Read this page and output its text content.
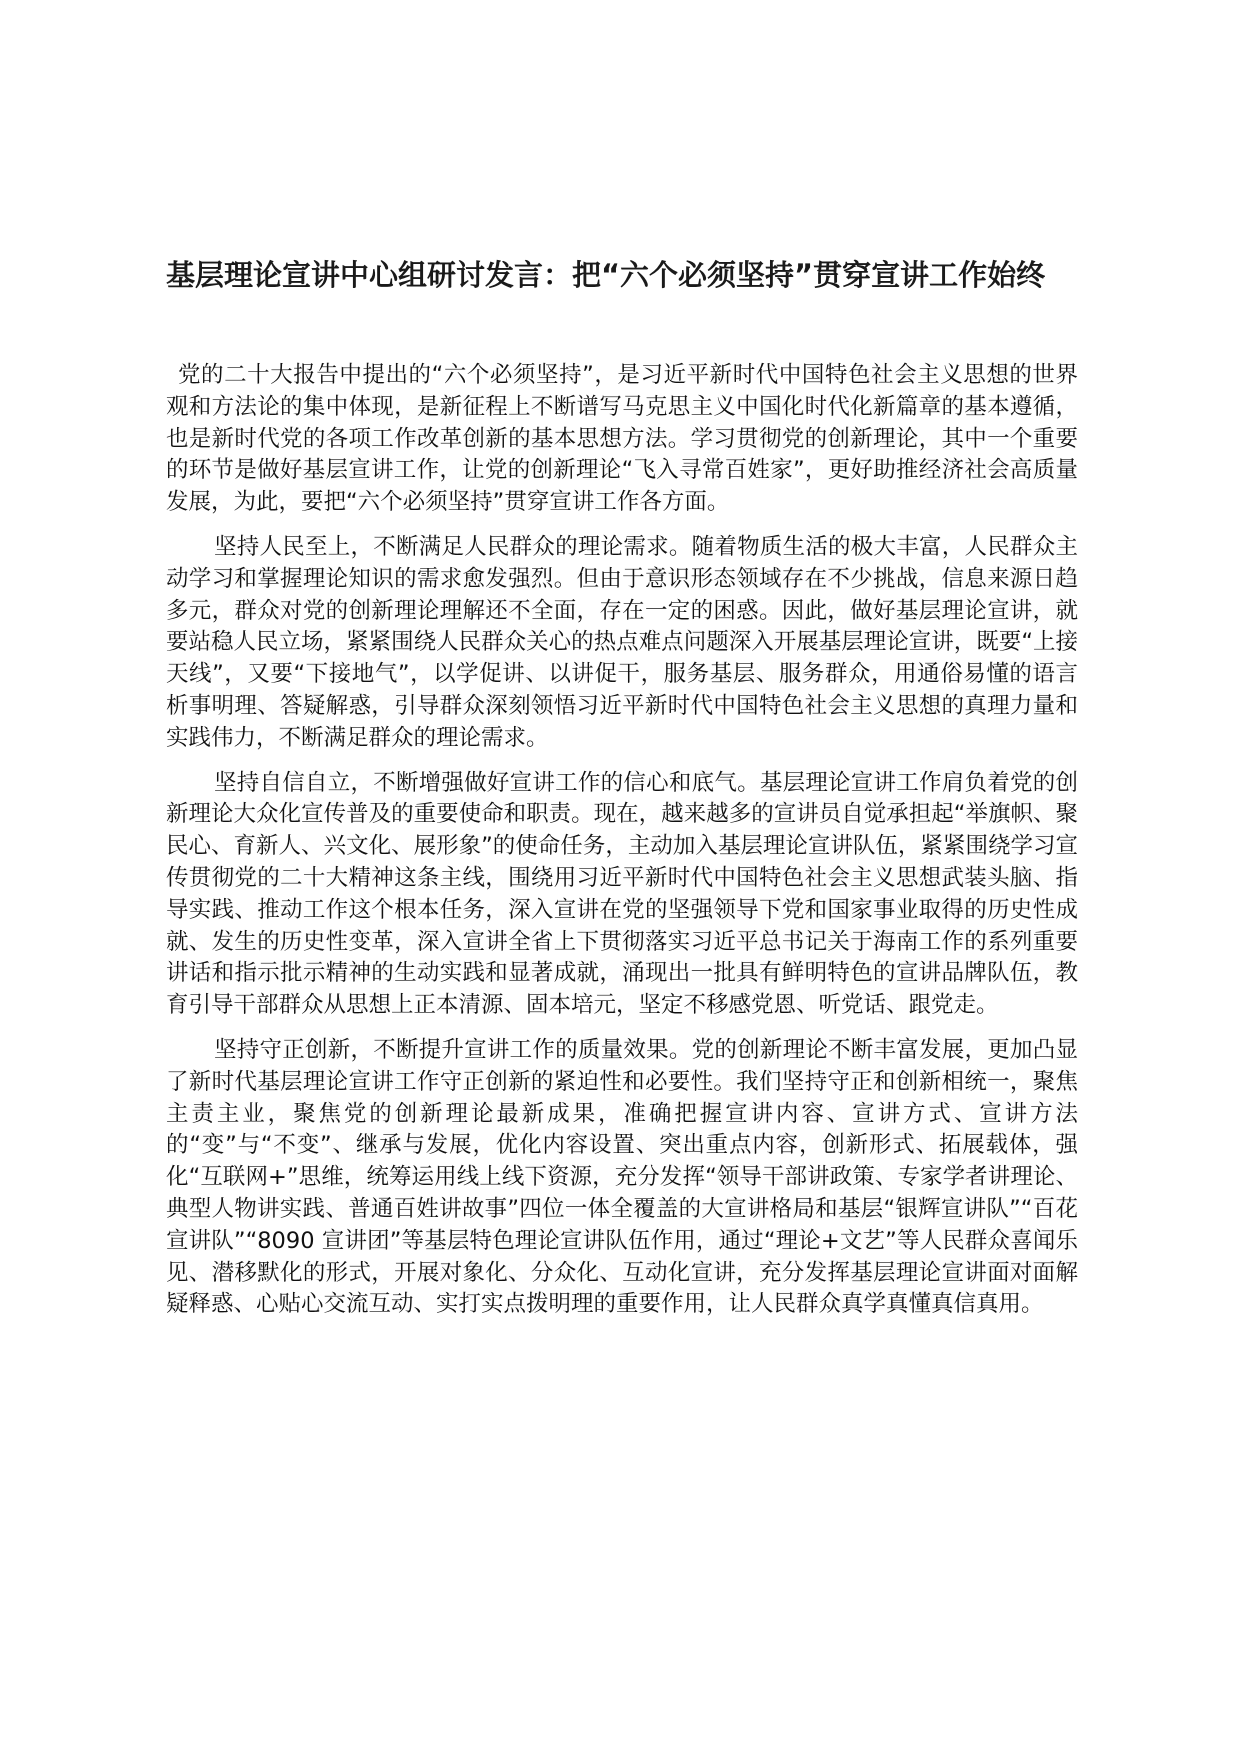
基层理论宣讲中心组研讨发言：把“六个必须坚持”贯穿宣讲工作始终

党的二十大报告中提出的“六个必须坚持”，是习近平新时代中国特色社会主义思想的世界观和方法论的集中体现，是新征程上不断谱写马克思主义中国化时代化新篇章的基本遵循，也是新时代党的各项工作改革创新的基本思想方法。学习贯彻党的创新理论，其中一个重要的环节是做好基层宣讲工作，让党的创新理论“飞入寻常百姓家”，更好助推经济社会高质量发展，为此，要把“六个必须坚持”贯穿宣讲工作各方面。

坚持人民至上，不断满足人民群众的理论需求。随着物质生活的极大丰富，人民群众主动学习和掌握理论知识的需求愈发强烈。但由于意识形态领域存在不少挑战，信息来源日趋多元，群众对党的创新理论理解还不全面，存在一定的困惑。因此，做好基层理论宣讲，就要站稳人民立场，紧紧围绕人民群众关心的热点难点问题深入开展基层理论宣讲，既要“上接天线”，又要“下接地气”，以学促讲、以讲促干，服务基层、服务群众，用通俗易懂的语言析事明理、答疑解惑，引导群众深刻领悟习近平新时代中国特色社会主义思想的真理力量和实践伟力，不断满足群众的理论需求。

坚持自信自立，不断增强做好宣讲工作的信心和底气。基层理论宣讲工作肩负着党的创新理论大众化宣传普及的重要使命和职责。现在，越来越多的宣讲员自觉承担起“举旗帜、聚民心、育新人、兴文化、展形象”的使命任务，主动加入基层理论宣讲队伍，紧紧围绕学习宣传贯彻党的二十大精神这条主线，围绕用习近平新时代中国特色社会主义思想武装头脑、指导实践、推动工作这个根本任务，深入宣讲在党的坚强领导下党和国家事业取得的历史性成就、发生的历史性变革，深入宣讲全省上下贯彻落实习近平总书记关于海南工作的系列重要讲话和指示批示精神的生动实践和显著成就，涌现出一批具有鲜明特色的宣讲品牌队伍，教育引导干部群众从思想上正本清源、固本培元，坚定不移感党恩、听党话、跟党走。

坚持守正创新，不断提升宣讲工作的质量效果。党的创新理论不断丰富发展，更加凸显了新时代基层理论宣讲工作守正创新的紧迫性和必要性。我们坚持守正和创新相统一，聚焦主责主业，聚焦党的创新理论最新成果，准确把握宣讲内容、宣讲方式、宣讲方法的“变”与“不变”、继承与发展，优化内容设置、突出重点内容，创新形式、拓展载体，强化“互联网+”思维，统筹运用线上线下资源，充分发挥“领导干部讲政策、专家学者讲理论、典型人物讲实践、普通百姓讲故事”四位一体全覆盖的大宣讲格局和基层“银辉宣讲队”“百花宣讲队”“8090 宣讲团”等基层特色理论宣讲队伍作用，通过“理论+文艺”等人民群众喜闻乐见、潜移默化的形式，开展对象化、分众化、互动化宣讲，充分发挥基层理论宣讲面对面解疑释惑、心贴心交流互动、实打实点拨明理的重要作用，让人民群众真学真懂真信真用。
